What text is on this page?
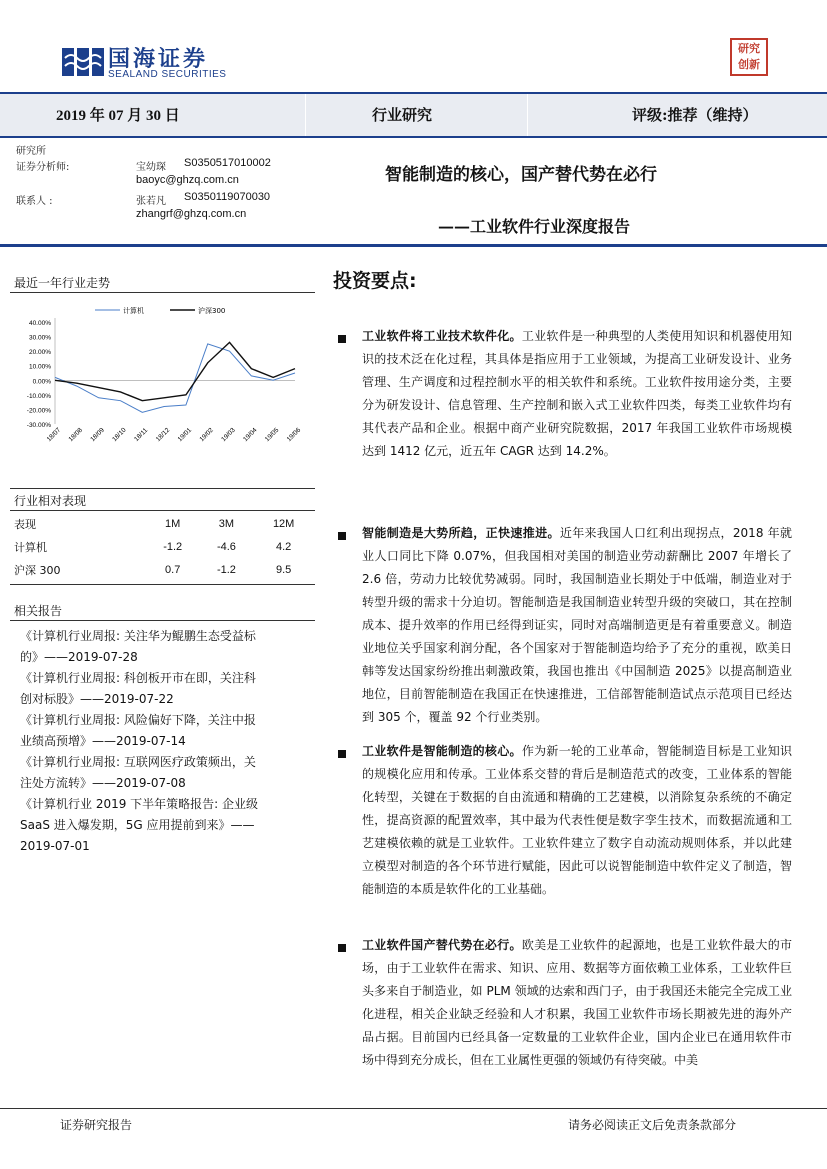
国海证券
SEALAND SECURITIES
研究创新
2019 年 07 月 30 日	行业研究	评级:推荐（维持）
研究所
证券分析师:	宝幼琛 S0350517010002
baoyc@ghzq.com.cn
联系人 :	张若凡 S0350119070030
zhangrf@ghzq.com.cn
智能制造的核心，国产替代势在必行
——工业软件行业深度报告
最近一年行业走势
计算机	沪深300
40.00%
30.00%
20.00%
10.00%
0.00%
-10.00%
-20.00%
-30.00%
18/07 18/08 18/09 18/10 18/11 18/12 19/01 19/02 19/03 19/04 19/05 19/06
行业相对表现
表现	1M	3M	12M
计算机	-1.2	-4.6	4.2
沪深 300	0.7	-1.2	9.5
相关报告
《计算机行业周报: 关注华为鲲鹏生态受益标
的》——2019-07-28
《计算机行业周报: 科创板开市在即，关注科
创对标股》——2019-07-22
《计算机行业周报: 风险偏好下降，关注中报
业绩高预增》——2019-07-14
《计算机行业周报: 互联网医疗政策频出，关
注处方流转》——2019-07-08
《计算机行业 2019 下半年策略报告: 企业级
SaaS 进入爆发期，5G 应用提前到来》——
2019-07-01
投资要点:
工业软件将工业技术软件化。工业软件是一种典型的人类使用知识和机器使用知识的技术泛在化过程，其具体是指应用于工业领域，为提高工业研发设计、业务管理、生产调度和过程控制水平的相关软件和系统。工业软件按用途分类，主要分为研发设计、信息管理、生产控制和嵌入式工业软件四类，每类工业软件均有其代表产品和企业。根据中商产业研究院数据，2017 年我国工业软件市场规模达到 1412 亿元，近五年 CAGR 达到 14.2%。
智能制造是大势所趋，正快速推进。近年来我国人口红利出现拐点，2018 年就业人口同比下降 0.07%，但我国相对美国的制造业劳动薪酬比 2007 年增长了 2.6 倍，劳动力比较优势减弱。同时，我国制造业长期处于中低端，制造业对于转型升级的需求十分迫切。智能制造是我国制造业转型升级的突破口，其在控制成本、提升效率的作用已经得到证实，同时对高端制造更是有着重要意义。制造业地位关乎国家利润分配，各个国家对于智能制造均给予了充分的重视，欧美日韩等发达国家纷纷推出刺激政策，我国也推出《中国制造 2025》以提高制造业地位，目前智能制造在我国正在快速推进，工信部智能制造试点示范项目已经达到 305 个，覆盖 92 个行业类别。
工业软件是智能制造的核心。作为新一轮的工业革命，智能制造目标是工业知识的规模化应用和传承。工业体系交替的背后是制造范式的改变，工业体系的智能化转型，关键在于数据的自由流通和精确的工艺建模，以消除复杂系统的不确定性，提高资源的配置效率，其中最为代表性便是数字孪生技术，而数据流通和工艺建模依赖的就是工业软件。工业软件建立了数字自动流动规则体系，并以此建立模型对制造的各个环节进行赋能，因此可以说智能制造中软件定义了制造，智能制造的本质是软件化的工业基础。
工业软件国产替代势在必行。欧美是工业软件的起源地，也是工业软件最大的市场，由于工业软件在需求、知识、应用、数据等方面依赖工业体系，工业软件巨头多来自于制造业，如 PLM 领域的达索和西门子，由于我国还未能完全完成工业化进程，相关企业缺乏经验和人才积累，我国工业软件市场长期被先进的海外产品占据。目前国内已经具备一定数量的工业软件企业，国内企业已在通用软件市场中得到充分成长，但在工业属性更强的领域仍有待突破。中美
证券研究报告	请务必阅读正文后免责条款部分
